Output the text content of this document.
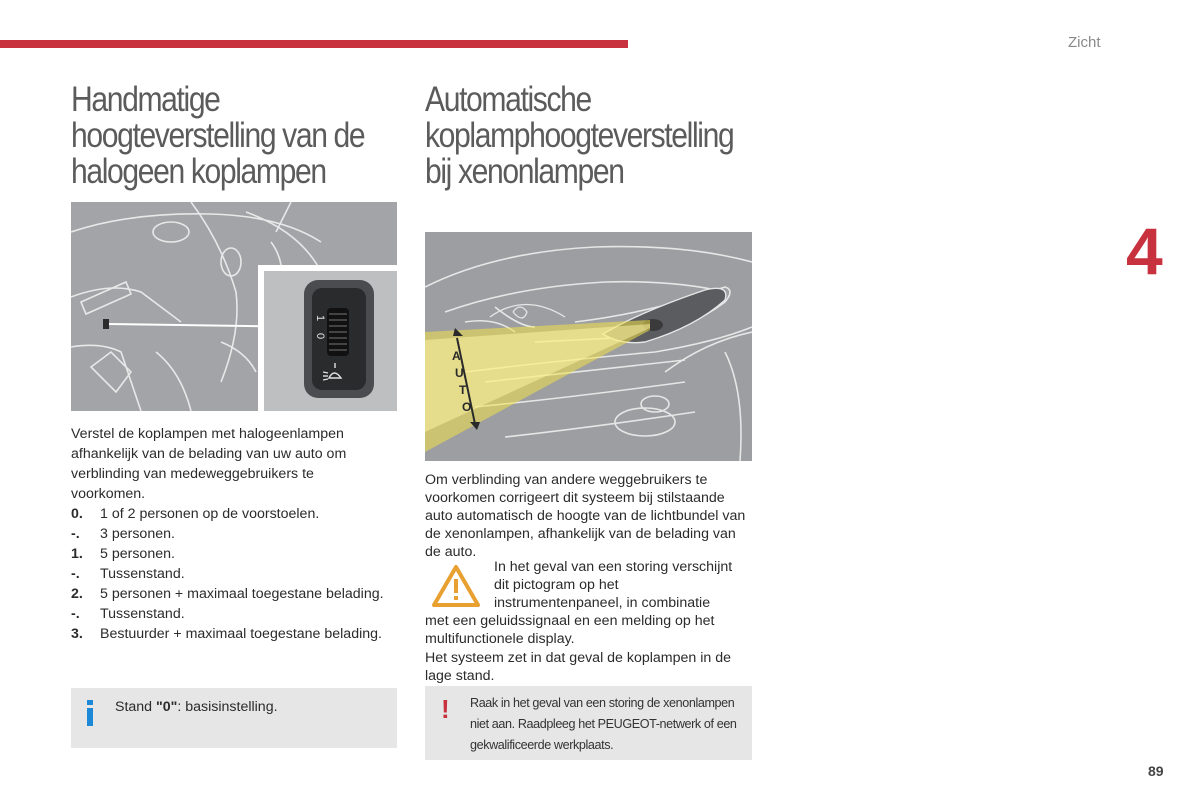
Zicht
4
89
Handmatige
hoogteverstelling van de
halogeen koplampen
1
0
Verstel de koplampen met halogeenlampen afhankelijk van de belading van uw auto om verblinding van medeweggebruikers te voorkomen.
0.	1 of 2 personen op de voorstoelen.
-.	3 personen.
1.	5 personen.
-.	Tussenstand.
2.	5 personen + maximaal toegestane belading.
-.	Tussenstand.
3.	Bestuurder + maximaal toegestane belading.
Stand "0": basisinstelling.
Automatische
koplamphoogteverstelling
bij xenonlampen
A
U
T
O
Om verblinding van andere weggebruikers te voorkomen corrigeert dit systeem bij stilstaande auto automatisch de hoogte van de lichtbundel van de xenonlampen, afhankelijk van de belading van de auto.
In het geval van een storing verschijnt dit pictogram op het instrumentenpaneel, in combinatie
met een geluidssignaal en een melding op het multifunctionele display.
Het systeem zet in dat geval de koplampen in de lage stand.
! Raak in het geval van een storing de xenonlampen niet aan. Raadpleeg het PEUGEOT-netwerk of een gekwalificeerde werkplaats.
